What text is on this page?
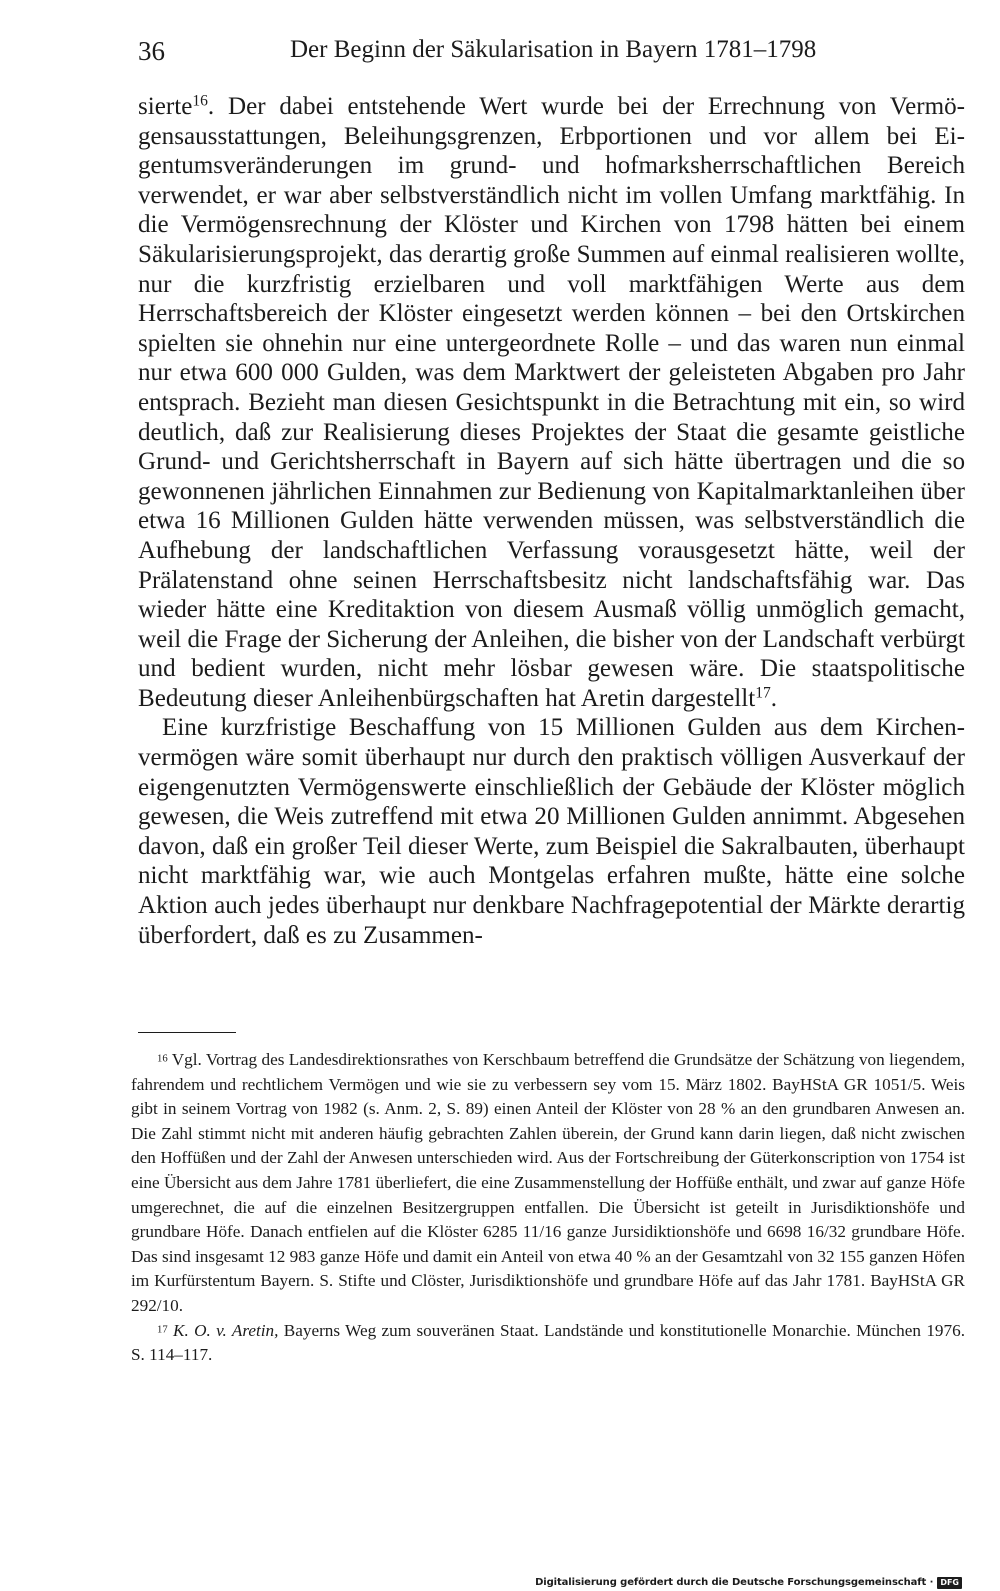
36	Der Beginn der Säkularisation in Bayern 1781–1798

sierte$^{16}$. Der dabei entstehende Wert wurde bei der Errechnung von Vermögensausstattungen, Beleihungsgrenzen, Erbportionen und vor allem bei Eigentumsveränderungen im grund- und hofmarksherrschaftlichen Bereich verwendet, er war aber selbstverständlich nicht im vollen Umfang marktfähig. In die Vermögensrechnung der Klöster und Kirchen von 1798 hätten bei einem Säkularisierungsprojekt, das derartig große Summen auf einmal realisieren wollte, nur die kurzfristig erzielbaren und voll marktfähigen Werte aus dem Herrschaftsbereich der Klöster eingesetzt werden können – bei den Ortskirchen spielten sie ohnehin nur eine untergeordnete Rolle – und das waren nun einmal nur etwa 600 000 Gulden, was dem Marktwert der geleisteten Abgaben pro Jahr entsprach. Bezieht man diesen Gesichtspunkt in die Betrachtung mit ein, so wird deutlich, daß zur Realisierung dieses Projektes der Staat die gesamte geistliche Grund- und Gerichtsherrschaft in Bayern auf sich hätte übertragen und die so gewonnenen jährlichen Einnahmen zur Bedienung von Kapitalmarktanleihen über etwa 16 Millionen Gulden hätte verwenden müssen, was selbstverständlich die Aufhebung der landschaftlichen Verfassung vorausgesetzt hätte, weil der Prälatenstand ohne seinen Herrschaftsbesitz nicht landschaftsfähig war. Das wieder hätte eine Kreditaktion von diesem Ausmaß völlig unmöglich gemacht, weil die Frage der Sicherung der Anleihen, die bisher von der Landschaft verbürgt und bedient wurden, nicht mehr lösbar gewesen wäre. Die staatspolitische Bedeutung dieser Anleihenbürgschaften hat Aretin dargestellt$^{17}$.

Eine kurzfristige Beschaffung von 15 Millionen Gulden aus dem Kirchenvermögen wäre somit überhaupt nur durch den praktisch völligen Ausverkauf der eigengenutzten Vermögenswerte einschließlich der Gebäude der Klöster möglich gewesen, die Weis zutreffend mit etwa 20 Millionen Gulden annimmt. Abgesehen davon, daß ein großer Teil dieser Werte, zum Beispiel die Sakralbauten, überhaupt nicht marktfähig war, wie auch Montgelas erfahren mußte, hätte eine solche Aktion auch jedes überhaupt nur denkbare Nachfragepotential der Märkte derartig überfordert, daß es zu Zusammen-

$^{16}$ Vgl. Vortrag des Landesdirektionsrathes von Kerschbaum betreffend die Grundsätze der Schätzung von liegendem, fahrendem und rechtlichem Vermögen und wie sie zu verbessern sey vom 15. März 1802. BayHStA GR 1051/5. Weis gibt in seinem Vortrag von 1982 (s. Anm. 2, S. 89) einen Anteil der Klöster von 28 % an den grundbaren Anwesen an. Die Zahl stimmt nicht mit anderen häufig gebrachten Zahlen überein, der Grund kann darin liegen, daß nicht zwischen den Hoffüßen und der Zahl der Anwesen unterschieden wird. Aus der Fortschreibung der Güterkonscription von 1754 ist eine Übersicht aus dem Jahre 1781 überliefert, die eine Zusammenstellung der Hoffüße enthält, und zwar auf ganze Höfe umgerechnet, die auf die einzelnen Besitzergruppen entfallen. Die Übersicht ist geteilt in Jurisdiktionshöfe und grundbare Höfe. Danach entfielen auf die Klöster 6285 11/16 ganze Jursidiktionshöfe und 6698 16/32 grundbare Höfe. Das sind insgesamt 12 983 ganze Höfe und damit ein Anteil von etwa 40 % an der Gesamtzahl von 32 155 ganzen Höfen im Kurfürstentum Bayern. S. Stifte und Clöster, Jurisdiktionshöfe und grundbare Höfe auf das Jahr 1781. BayHStA GR 292/10.

$^{17}$ K. O. v. Aretin, Bayerns Weg zum souveränen Staat. Landstände und konstitutionelle Monarchie. München 1976. S. 114–117.

Digitalisierung gefördert durch die Deutsche Forschungsgemeinschaft · DFG
